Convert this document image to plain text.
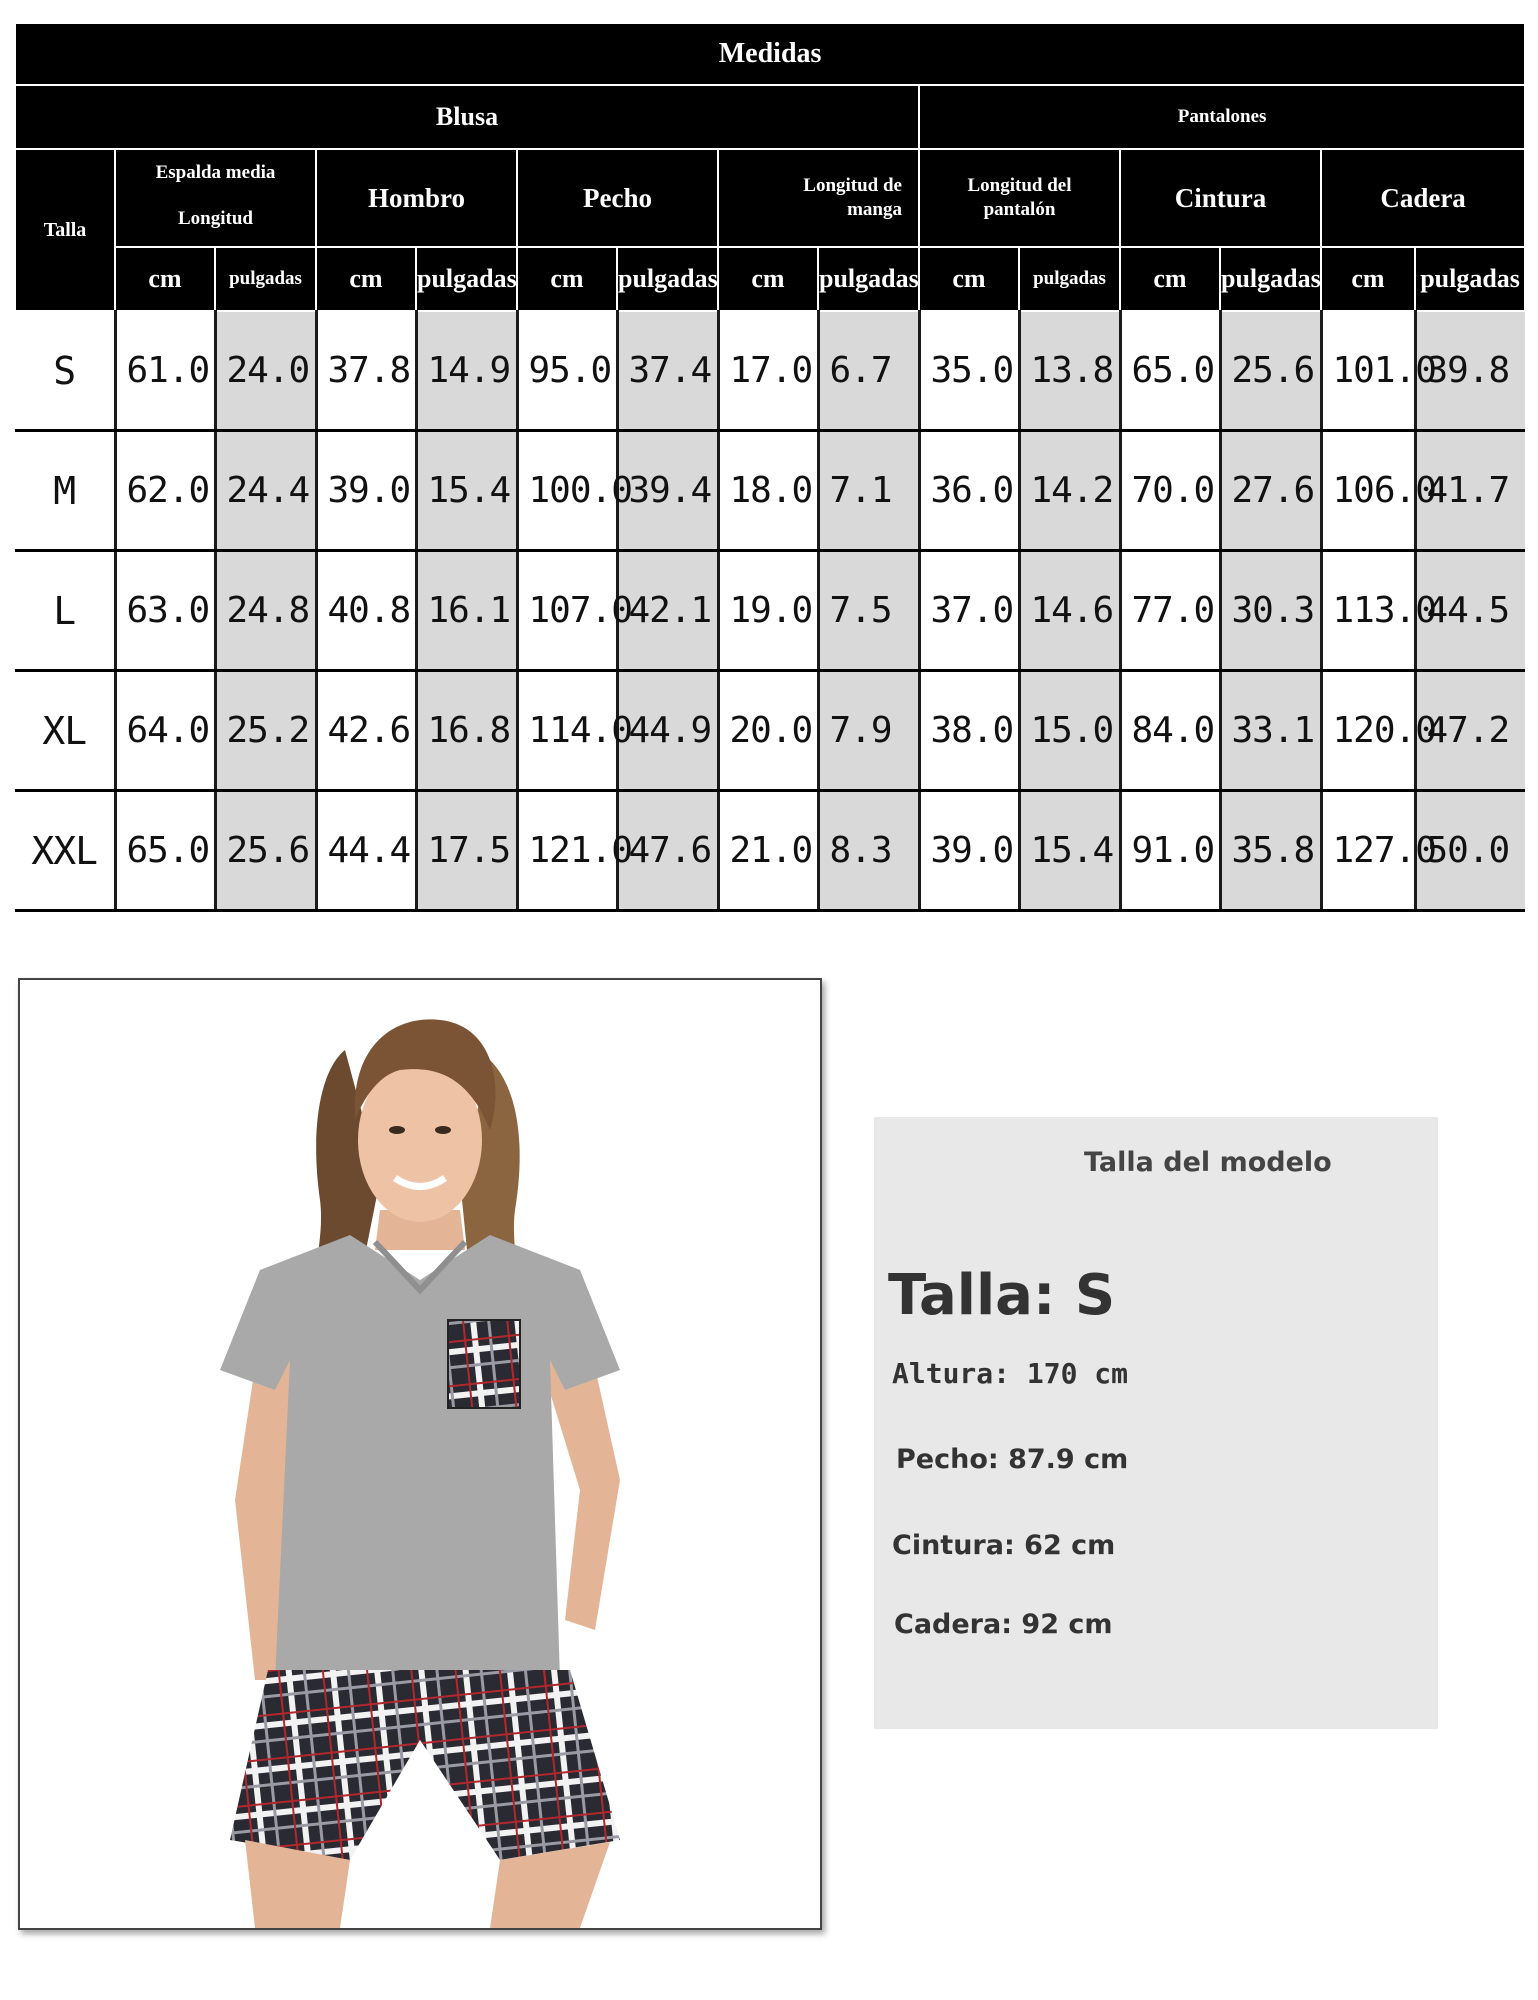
Medidas														
Blusa									Pantalones					
Talla	Espalda media
Longitud		Hombro		Pecho		Longitud de
manga		Longitud del
pantalón		Cintura		Cadera	
	cm	pulgadas	cm	pulgadas	cm	pulgadas	cm	pulgadas	cm	pulgadas	cm	pulgadas	cm	pulgadas
S	61.0	24.0	37.8	14.9	95.0	37.4	17.0	6.7	35.0	13.8	65.0	25.6	101.0	39.8
M	62.0	24.4	39.0	15.4	100.0	39.4	18.0	7.1	36.0	14.2	70.0	27.6	106.0	41.7
L	63.0	24.8	40.8	16.1	107.0	42.1	19.0	7.5	37.0	14.6	77.0	30.3	113.0	44.5
XL	64.0	25.2	42.6	16.8	114.0	44.9	20.0	7.9	38.0	15.0	84.0	33.1	120.0	47.2
XXL	65.0	25.6	44.4	17.5	121.0	47.6	21.0	8.3	39.0	15.4	91.0	35.8	127.0	50.0
Talla del modelo
Talla: S
Altura: 170 cm
Pecho: 87.9 cm
Cintura: 62 cm
Cadera: 92 cm
